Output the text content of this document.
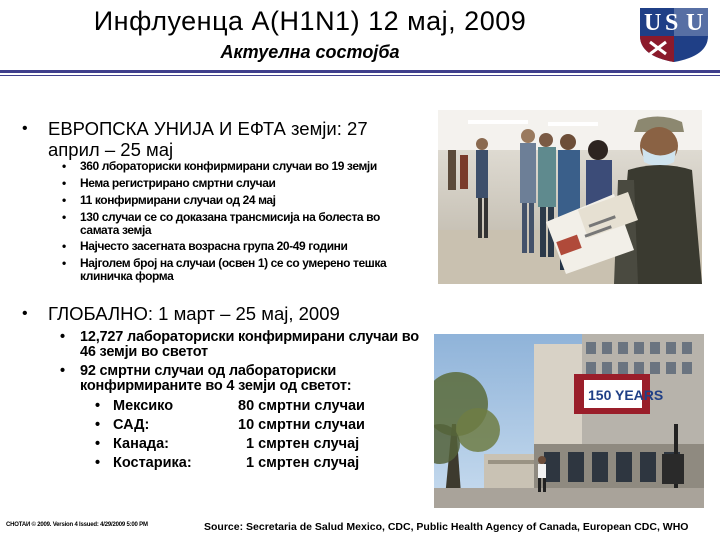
Инфлуенца А(H1N1) 12 мај, 2009
Актуелна состојба
U S U
• ЕВРОПСКА УНИЈА И ЕФТА земји: 27
април – 25 мај
• 360 лбораториски конфирмирани случаи во 19 земји
• Нема регистрирано смртни случаи
• 11 конфирмирани случаи од 24 мај
• 130 случаи се со доказана трансмисија на болеста во
самата земја
• Најчесто засегната возрасна група 20-49 години
• Најголем број на случаи (освен 1) се со умерено тешка
клиничка форма
• ГЛОБАЛНО: 1 март – 25 мај, 2009
• 12,727 лабораториски конфирмирани случаи во
46 земји во светот
• 92 смртни случаи од лабораториски
конфирмираните во 4 земји од светот:
• Мексико	80 смртни случаи
• САД:	10 смртни случаи
• Канада:	1 смртен случај
• Костарика:	1 смртен случај
150 YEARS
СНОТАИ © 2009. Version 4 Issued: 4/29/2009 5:00 PM	Source: Secretaria de Salud Mexico, CDC, Public Health Agency of Canada, European CDC, WHO
